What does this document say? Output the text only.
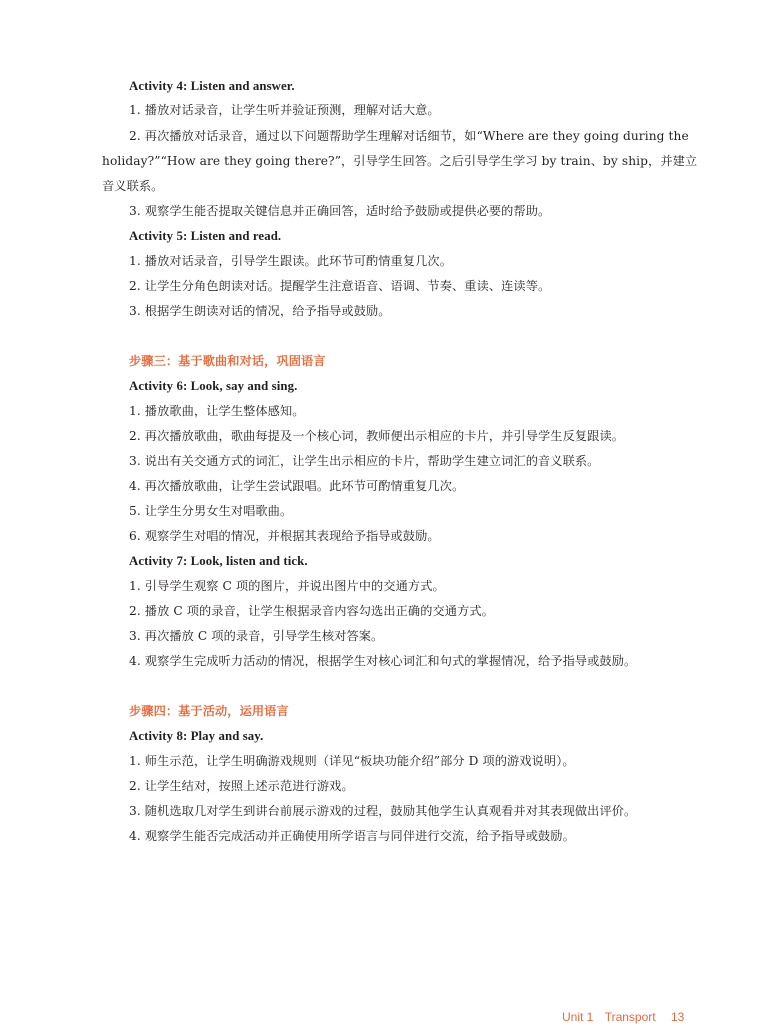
Activity 4: Listen and answer.
1. 播放对话录音，让学生听并验证预测，理解对话大意。
2. 再次播放对话录音，通过以下问题帮助学生理解对话细节，如“Where are they going during the
holiday?”“How are they going there?”，引导学生回答。之后引导学生学习 by train、by ship，并建立
音义联系。
3. 观察学生能否提取关键信息并正确回答，适时给予鼓励或提供必要的帮助。
Activity 5: Listen and read.
1. 播放对话录音，引导学生跟读。此环节可酌情重复几次。
2. 让学生分角色朗读对话。提醒学生注意语音、语调、节奏、重读、连读等。
3. 根据学生朗读对话的情况，给予指导或鼓励。
步骤三：基于歌曲和对话，巩固语言
Activity 6: Look, say and sing.
1. 播放歌曲，让学生整体感知。
2. 再次播放歌曲，歌曲每提及一个核心词，教师便出示相应的卡片，并引导学生反复跟读。
3. 说出有关交通方式的词汇，让学生出示相应的卡片，帮助学生建立词汇的音义联系。
4. 再次播放歌曲，让学生尝试跟唱。此环节可酌情重复几次。
5. 让学生分男女生对唱歌曲。
6. 观察学生对唱的情况，并根据其表现给予指导或鼓励。
Activity 7: Look, listen and tick.
1. 引导学生观察 C 项的图片，并说出图片中的交通方式。
2. 播放 C 项的录音，让学生根据录音内容勾选出正确的交通方式。
3. 再次播放 C 项的录音，引导学生核对答案。
4. 观察学生完成听力活动的情况，根据学生对核心词汇和句式的掌握情况，给予指导或鼓励。
步骤四：基于活动，运用语言
Activity 8: Play and say.
1. 师生示范，让学生明确游戏规则（详见“板块功能介绍”部分 D 项的游戏说明）。
2. 让学生结对，按照上述示范进行游戏。
3. 随机选取几对学生到讲台前展示游戏的过程，鼓励其他学生认真观看并对其表现做出评价。
4. 观察学生能否完成活动并正确使用所学语言与同伴进行交流，给予指导或鼓励。
Unit 1 Transport 13
